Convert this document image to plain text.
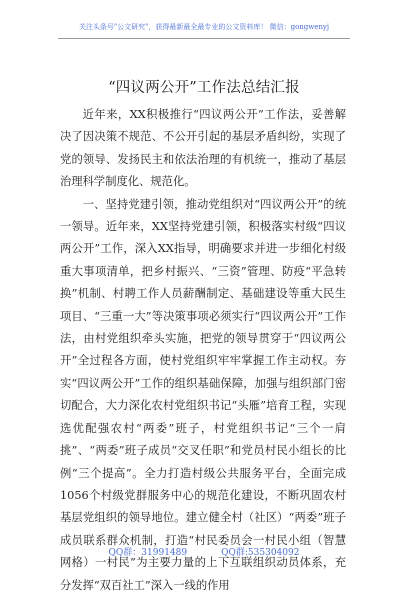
关注头条号"公文研究"，获得最新最全最专业的公文资料库！ 微信：gongwenyj
“四议两公开”工作法总结汇报

近年来，XX积极推行“四议两公开”工作法，妥善解决了因决策不规范、不公开引起的基层矛盾纠纷，实现了党的领导、发扬民主和依法治理的有机统一，推动了基层治理科学制度化、规范化。

一、坚持党建引领，推动党组织对“四议两公开”的统一领导。近年来，XX坚持党建引领，积极落实村级“四议两公开”工作，深入XX指导，明确要求并进一步细化村级重大事项清单，把乡村振兴、“三资”管理、防疫“平急转换”机制、村聘工作人员薪酬制定、基础建设等重大民生项目、“三重一大”等决策事项必须实行“四议两公开”工作法，由村党组织牵头实施，把党的领导贯穿于“四议两公开”全过程各方面，使村党组织牢牢掌握工作主动权。夯实“四议两公开”工作的组织基础保障，加强与组织部门密切配合，大力深化农村党组织书记“头雁”培育工程，实现选优配强农村“两委”班子，村党组织书记“三个一肩挑”、“两委”班子成员“交叉任职”和党员村民小组长的比例“三个提高”。全力打造村级公共服务平台，全面完成1056个村级党群服务中心的规范化建设，不断巩固农村基层党组织的领导地位。建立健全村（社区）“两委”班子成员联系群众机制，打造“村民委员会一村民小组（智慧网格）一村民”为主要力量的上下互联组织动员体系，充分发挥“双百社工”深入一线的作用

QQ群：31991489	QQ群:535304092
